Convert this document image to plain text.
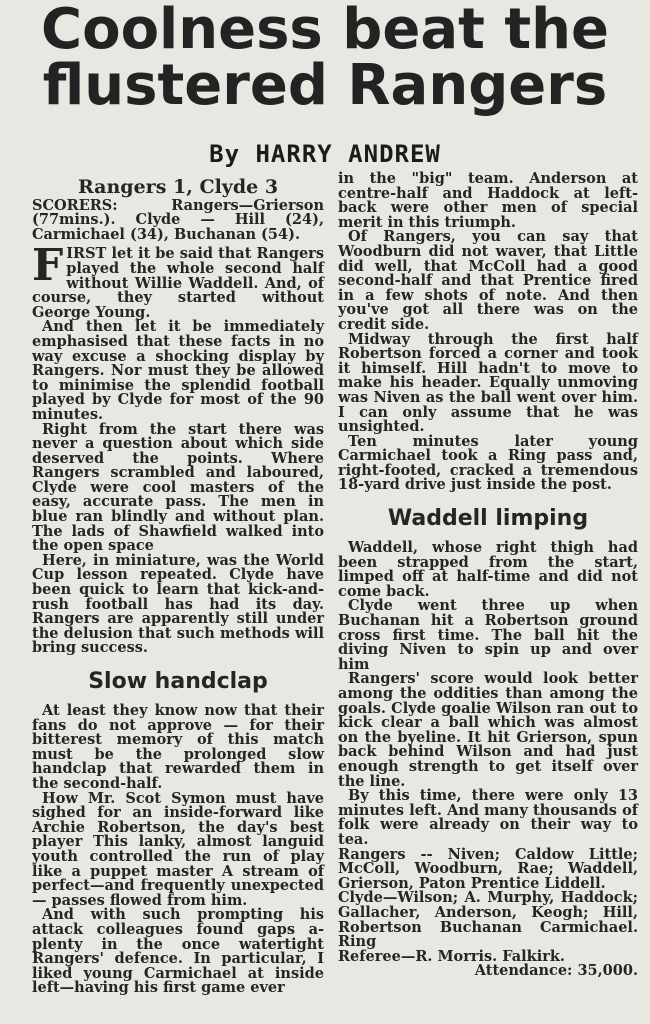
Coolness beat the
flustered Rangers
By HARRY ANDREW
Rangers 1, Clyde 3

SCORERS: Rangers—Grierson (77mins.). Clyde — Hill (24), Carmichael (34), Buchanan (54).

FIRST let it be said that Rangers played the whole second half without Willie Waddell. And, of course, they started without George Young.

And then let it be immediately emphasised that these facts in no way excuse a shocking display by Rangers. Nor must they be allowed to minimise the splendid football played by Clyde for most of the 90 minutes.

Right from the start there was never a question about which side deserved the points. Where Rangers scrambled and laboured, Clyde were cool masters of the easy, accurate pass. The men in blue ran blindly and without plan. The lads of Shawfield walked into the open space

Here, in miniature, was the World Cup lesson repeated. Clyde have been quick to learn that kick-and-rush football has had its day. Rangers are apparently still under the delusion that such methods will bring success.

Slow handclap

At least they know now that their fans do not approve — for their bitterest memory of this match must be the prolonged slow handclap that rewarded them in the second-half.

How Mr. Scot Symon must have sighed for an inside-forward like Archie Robertson, the day's best player This lanky, almost languid youth controlled the run of play like a puppet master A stream of perfect—and frequently unexpected — passes flowed from him.

And with such prompting his attack colleagues found gaps a-plenty in the once watertight Rangers' defence. In particular, I liked young Carmichael at inside left—having his first game ever

in the "big" team. Anderson at centre-half and Haddock at left-back were other men of special merit in this triumph.

Of Rangers, you can say that Woodburn did not waver, that Little did well, that McColl had a good second-half and that Prentice fired in a few shots of note. And then you've got all there was on the credit side.

Midway through the first half Robertson forced a corner and took it himself. Hill hadn't to move to make his header. Equally unmoving was Niven as the ball went over him. I can only assume that he was unsighted.

Ten minutes later young Carmichael took a Ring pass and, right-footed, cracked a tremendous 18-yard drive just inside the post.

Waddell limping

Waddell, whose right thigh had been strapped from the start, limped off at half-time and did not come back.

Clyde went three up when Buchanan hit a Robertson ground cross first time. The ball hit the diving Niven to spin up and over him

Rangers' score would look better among the oddities than among the goals. Clyde goalie Wilson ran out to kick clear a ball which was almost on the byeline. It hit Grierson, spun back behind Wilson and had just enough strength to get itself over the line.

By this time, there were only 13 minutes left. And many thousands of folk were already on their way to tea.

Rangers -- Niven; Caldow Little; McColl, Woodburn, Rae; Waddell, Grierson, Paton Prentice Liddell.

Clyde—Wilson; A. Murphy, Haddock; Gallacher, Anderson, Keogh; Hill, Robertson Buchanan Carmichael. Ring

Referee—R. Morris. Falkirk.

Attendance: 35,000.
